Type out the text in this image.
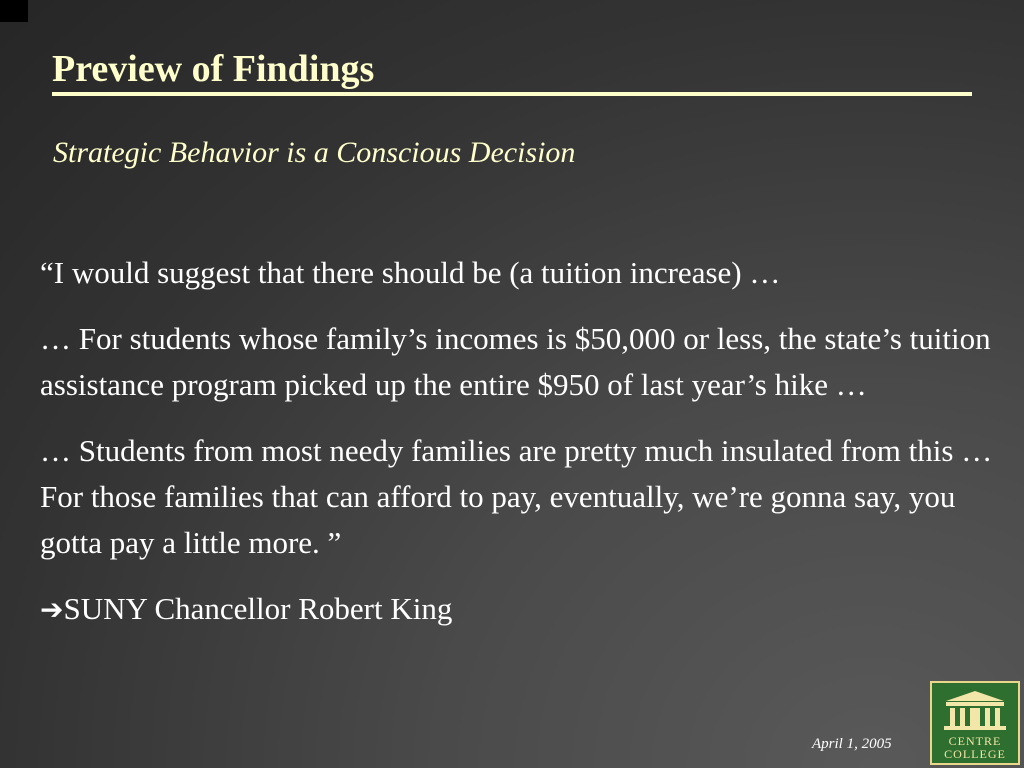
Preview of Findings
Strategic Behavior is a Conscious Decision

“I would suggest that there should be (a tuition increase) …

… For students whose family’s incomes is $50,000 or less, the state’s tuition assistance program picked up the entire $950 of last year’s hike …

… Students from most needy families are pretty much insulated from this … For those families that can afford to pay, eventually, we’re gonna say, you gotta pay a little more. ”

➔SUNY Chancellor Robert King

April 1, 2005	CENTRE
COLLEGE
